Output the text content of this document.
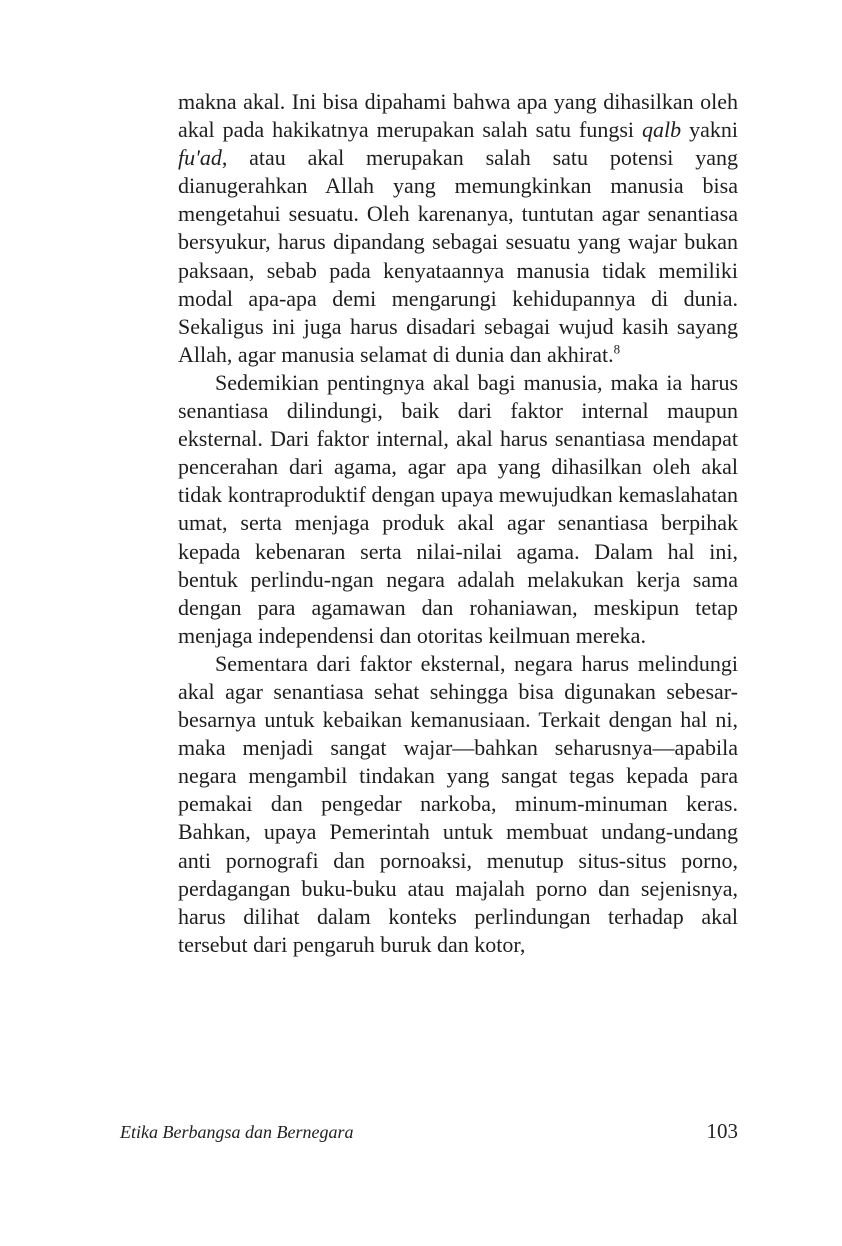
makna akal. Ini bisa dipahami bahwa apa yang dihasilkan oleh akal pada hakikatnya merupakan salah satu fungsi qalb yakni fu'ad, atau akal merupakan salah satu potensi yang dianugerahkan Allah yang memungkinkan manusia bisa mengetahui sesuatu. Oleh karenanya, tuntutan agar senantiasa bersyukur, harus dipandang sebagai sesuatu yang wajar bukan paksaan, sebab pada kenyataannya manusia tidak memiliki modal apa-apa demi mengarungi kehidupannya di dunia. Sekaligus ini juga harus disadari sebagai wujud kasih sayang Allah, agar manusia selamat di dunia dan akhirat.$^8$

Sedemikian pentingnya akal bagi manusia, maka ia harus senantiasa dilindungi, baik dari faktor internal maupun eksternal. Dari faktor internal, akal harus senantiasa mendapat pencerahan dari agama, agar apa yang dihasilkan oleh akal tidak kontraproduktif dengan upaya mewujudkan kemaslahatan umat, serta menjaga produk akal agar senantiasa berpihak kepada kebenaran serta nilai-nilai agama. Dalam hal ini, bentuk perlindu-ngan negara adalah melakukan kerja sama dengan para agamawan dan rohaniawan, meskipun tetap menjaga independensi dan otoritas keilmuan mereka.

Sementara dari faktor eksternal, negara harus melindungi akal agar senantiasa sehat sehingga bisa digunakan sebesar-besarnya untuk kebaikan kemanusiaan. Terkait dengan hal ni, maka menjadi sangat wajar—bahkan seharusnya—apabila negara mengambil tindakan yang sangat tegas kepada para pemakai dan pengedar narkoba, minum-minuman keras. Bahkan, upaya Pemerintah untuk membuat undang-undang anti pornografi dan pornoaksi, menutup situs-situs porno, perdagangan buku-buku atau majalah porno dan sejenisnya, harus dilihat dalam konteks perlindungan terhadap akal tersebut dari pengaruh buruk dan kotor,

Etika Berbangsa dan Bernegara	103
